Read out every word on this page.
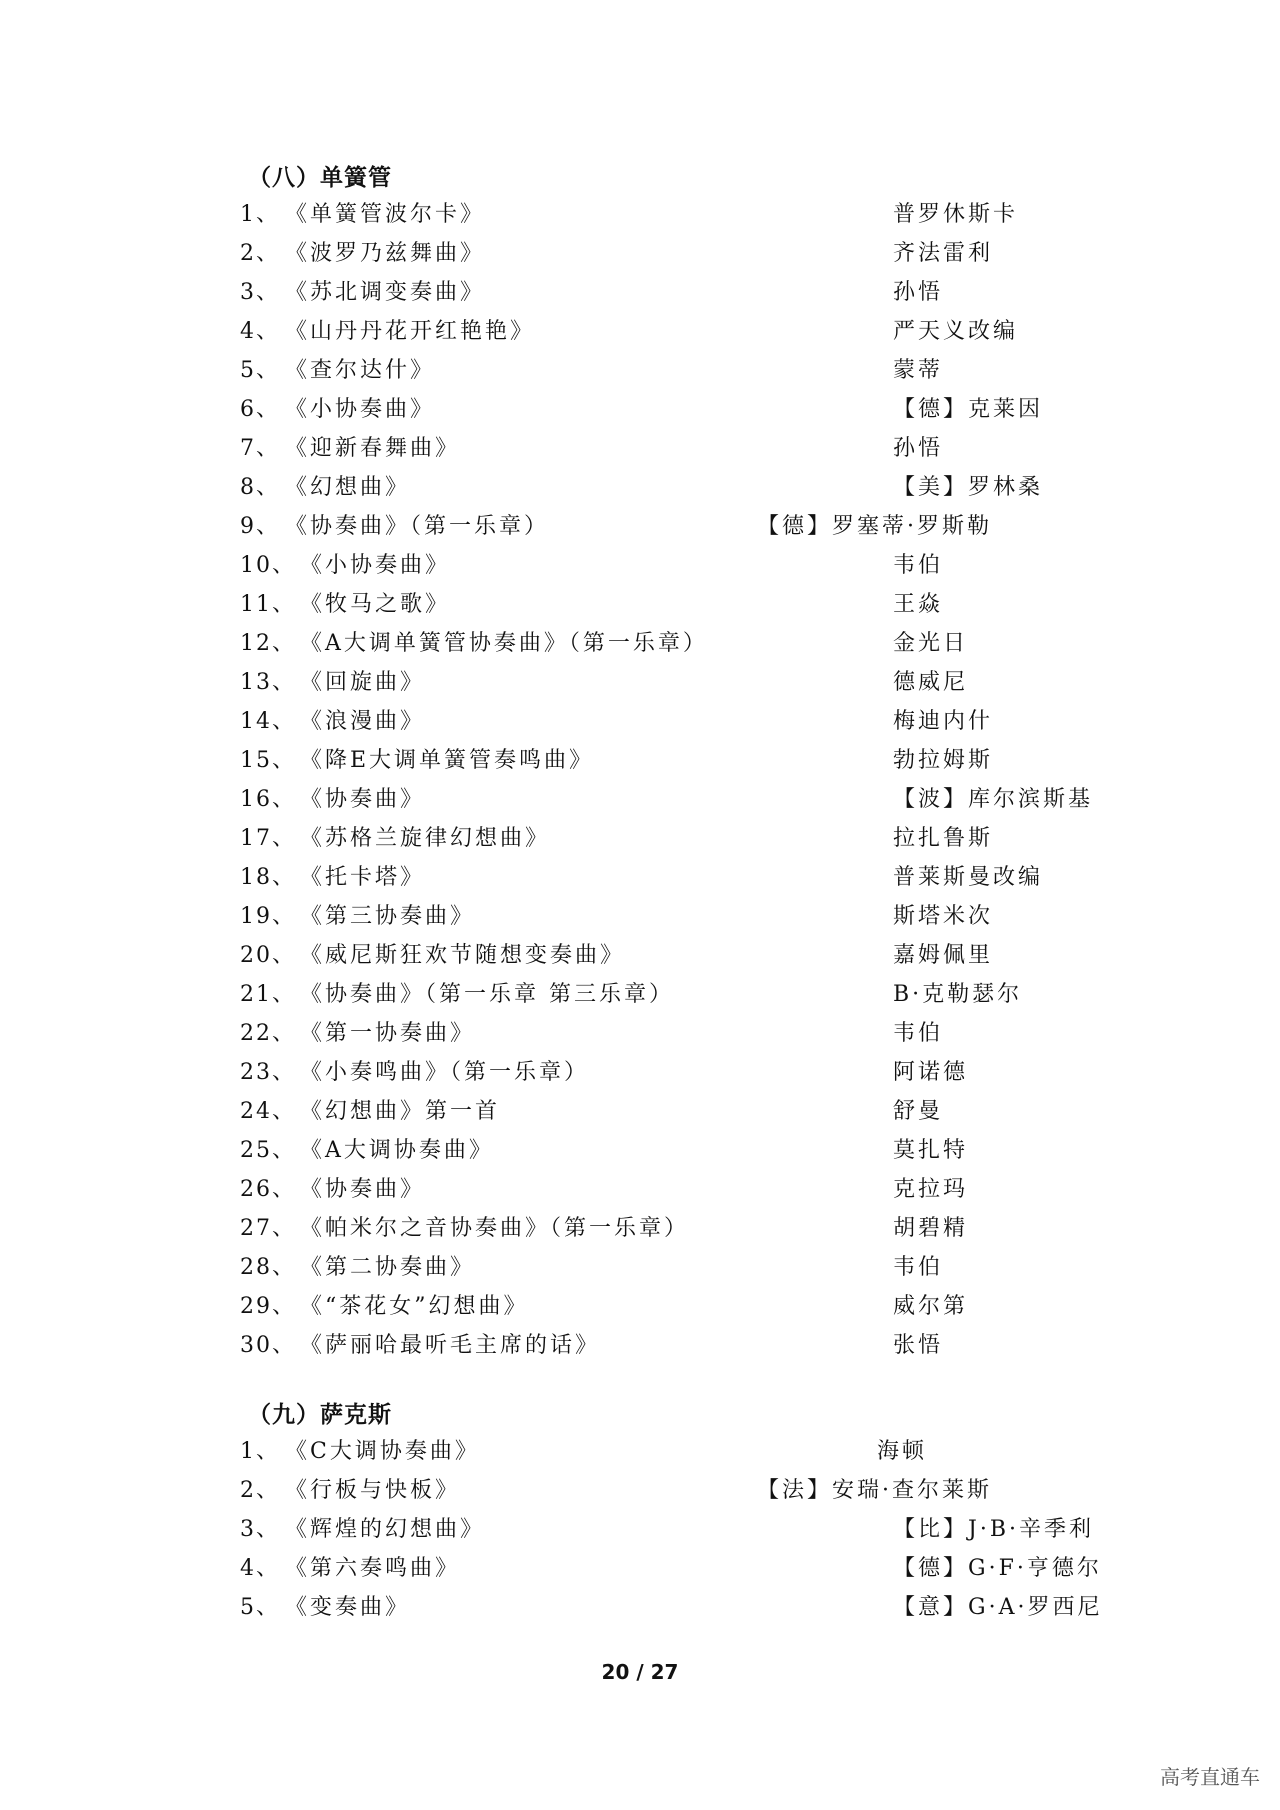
（八）单簧管
1、 《单簧管波尔卡》	普罗休斯卡
2、 《波罗乃兹舞曲》	齐法雷利
3、 《苏北调变奏曲》	孙悟
4、 《山丹丹花开红艳艳》	严天义改编
5、 《查尔达什》	蒙蒂
6、 《小协奏曲》	【德】克莱因
7、 《迎新春舞曲》	孙悟
8、 《幻想曲》	【美】罗林桑
9、 《协奏曲》（第一乐章）	【德】罗塞蒂·罗斯勒
10、 《小协奏曲》	韦伯
11、 《牧马之歌》	王焱
12、 《A大调单簧管协奏曲》（第一乐章）	金光日
13、 《回旋曲》	德威尼
14、 《浪漫曲》	梅迪内什
15、 《降E大调单簧管奏鸣曲》	勃拉姆斯
16、 《协奏曲》	【波】库尔滨斯基
17、 《苏格兰旋律幻想曲》	拉扎鲁斯
18、 《托卡塔》	普莱斯曼改编
19、 《第三协奏曲》	斯塔米次
20、 《威尼斯狂欢节随想变奏曲》	嘉姆佩里
21、 《协奏曲》（第一乐章 第三乐章）	B·克勒瑟尔
22、 《第一协奏曲》	韦伯
23、 《小奏鸣曲》（第一乐章）	阿诺德
24、 《幻想曲》第一首	舒曼
25、 《A大调协奏曲》	莫扎特
26、 《协奏曲》	克拉玛
27、 《帕米尔之音协奏曲》（第一乐章）	胡碧精
28、 《第二协奏曲》	韦伯
29、 《“茶花女”幻想曲》	威尔第
30、 《萨丽哈最听毛主席的话》	张悟
（九）萨克斯
1、 《C大调协奏曲》	海顿
2、 《行板与快板》	【法】安瑞·查尔莱斯
3、 《辉煌的幻想曲》	【比】J·B·辛季利
4、 《第六奏鸣曲》	【德】G·F·亨德尔
5、 《变奏曲》	【意】G·A·罗西尼
20 / 27
高考直通车
